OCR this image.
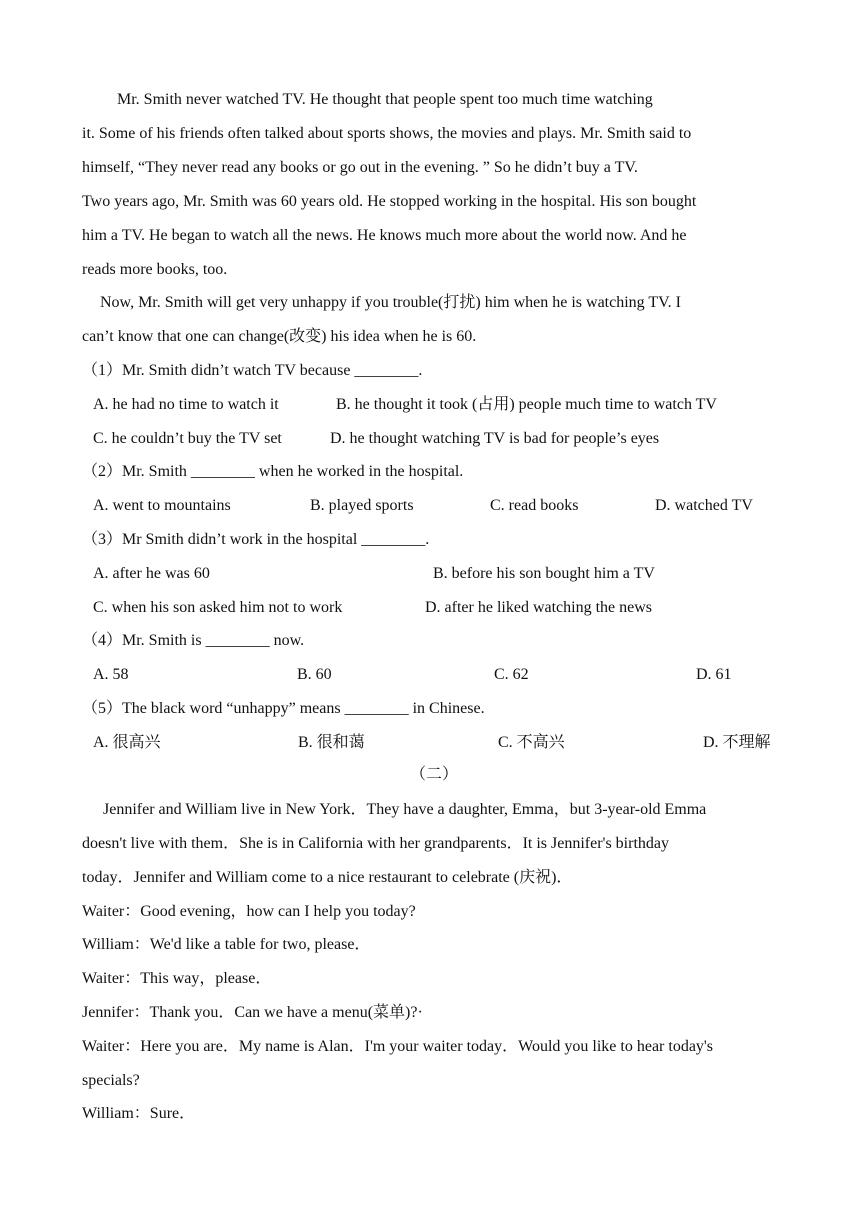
Mr. Smith never watched TV. He thought that people spent too much time watching
it. Some of his friends often talked about sports shows, the movies and plays. Mr. Smith said to
himself, “They never read any books or go out in the evening. ” So he didn’t buy a TV.
Two years ago, Mr. Smith was 60 years old. He stopped working in the hospital. His son bought
him a TV. He began to watch all the news. He knows much more about the world now. And he
reads more books, too.
Now, Mr. Smith will get very unhappy if you trouble(打扰) him when he is watching TV. I
can’t know that one can change(改变) his idea when he is 60.
（1）Mr. Smith didn’t watch TV because ________.
A. he had no time to watch it	B. he thought it took (占用) people much time to watch TV
C. he couldn’t buy the TV set	D. he thought watching TV is bad for people’s eyes
（2）Mr. Smith ________ when he worked in the hospital.
A. went to mountains	B. played sports	C. read books	D. watched TV
（3）Mr Smith didn’t work in the hospital ________.
A. after he was 60	B. before his son bought him a TV
C. when his son asked him not to work	D. after he liked watching the news
（4）Mr. Smith is ________ now.
A. 58	B. 60	C. 62	D. 61
（5）The black word “unhappy” means ________ in Chinese.
A. 很高兴	B. 很和蔼	C. 不高兴	D. 不理解
（二）
Jennifer and William live in New York．They have a daughter, Emma，but 3-year-old Emma
doesn't live with them．She is in California with her grandparents．It is Jennifer's birthday
today．Jennifer and William come to a nice restaurant to celebrate (庆祝)．
Waiter：Good evening，how can I help you today?
William：We'd like a table for two, please．
Waiter：This way，please．
Jennifer：Thank you．Can we have a menu(菜单)?·
Waiter：Here you are．My name is Alan．I'm your waiter today．Would you like to hear today's
specials?
William：Sure．
